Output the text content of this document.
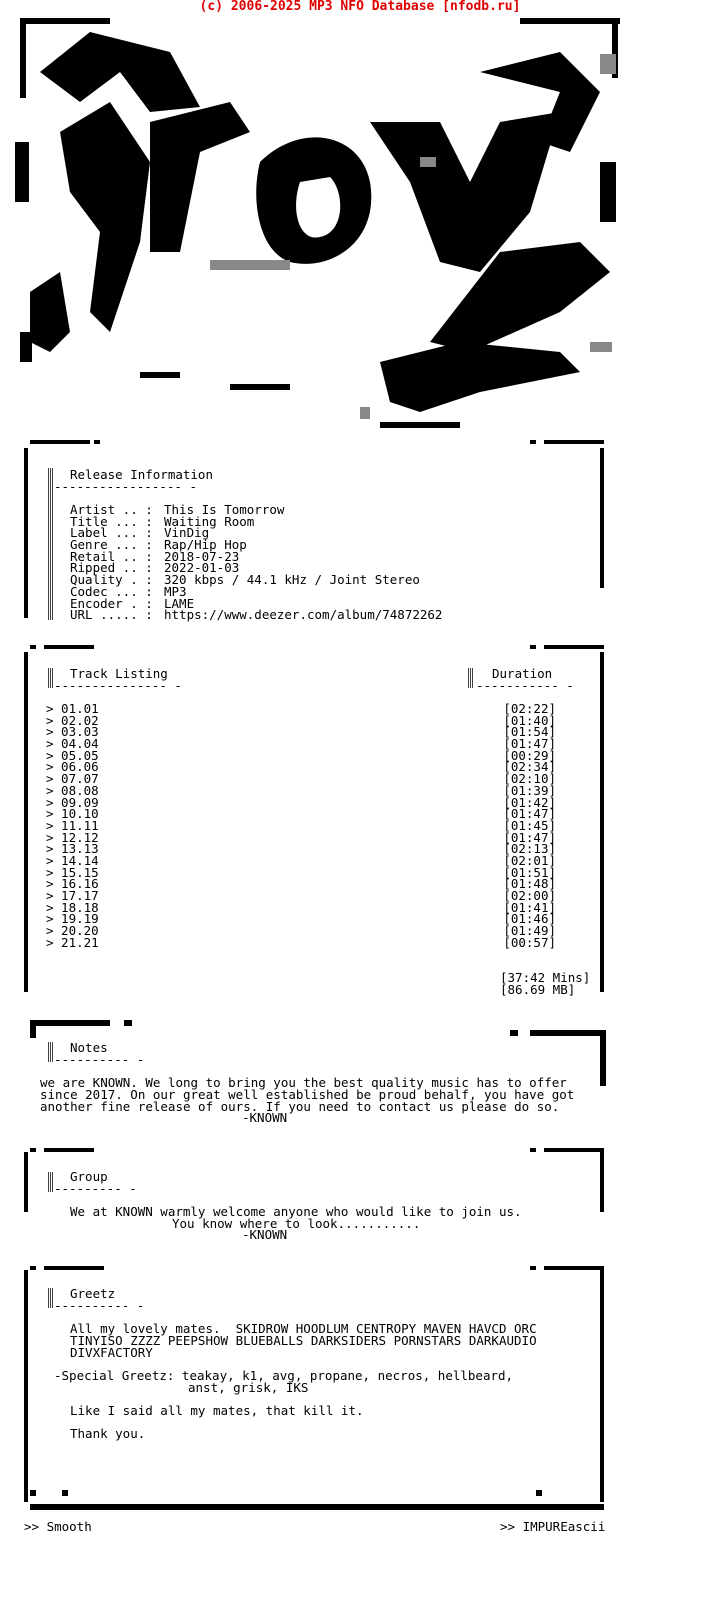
(c) 2006-2025 MP3 NFO Database [nfodb.ru]
sM
Release Information
----------------- -
Artist .. : This Is Tomorrow
Title ... : Waiting Room
Label ... : VinDig
Genre ... : Rap/Hip Hop
Retail .. : 2018-07-23
Ripped .. : 2022-01-03
Quality . : 320 kbps / 44.1 kHz / Joint Stereo
Codec ... : MP3
Encoder . : LAME
URL ..... : https://www.deezer.com/album/74872262
Track Listing
--------------- -
Duration
----------- -
> 01.01	[02:22]
> 02.02	[01:40]
> 03.03	[01:54]
> 04.04	[01:47]
> 05.05	[00:29]
> 06.06	[02:34]
> 07.07	[02:10]
> 08.08	[01:39]
> 09.09	[01:42]
> 10.10	[01:47]
> 11.11	[01:45]
> 12.12	[01:47]
> 13.13	[02:13]
> 14.14	[02:01]
> 15.15	[01:51]
> 16.16	[01:48]
> 17.17	[02:00]
> 18.18	[01:41]
> 19.19	[01:46]
> 20.20	[01:49]
> 21.21	[00:57]
[37:42 Mins]
[86.69 MB]
Notes
---------- -
we are KNOWN. We long to bring you the best quality music has to offer
since 2017. On our great well established be proud behalf, you have got
another fine release of ours. If you need to contact us please do so.
-KNOWN
Group
--------- -
We at KNOWN warmly welcome anyone who would like to join us.
You know where to look...........
-KNOWN
Greetz
---------- -
All my lovely mates.  SKIDROW HOODLUM CENTROPY MAVEN HAVCD ORC
TINYISO ZZZZ PEEPSHOW BLUEBALLS DARKSIDERS PORNSTARS DARKAUDIO
DIVXFACTORY
-Special Greetz: teakay, k1, avg, propane, necros, hellbeard,
anst, grisk, IKS
Like I said all my mates, that kill it.
Thank you.
>> Smooth	>> IMPUREascii
